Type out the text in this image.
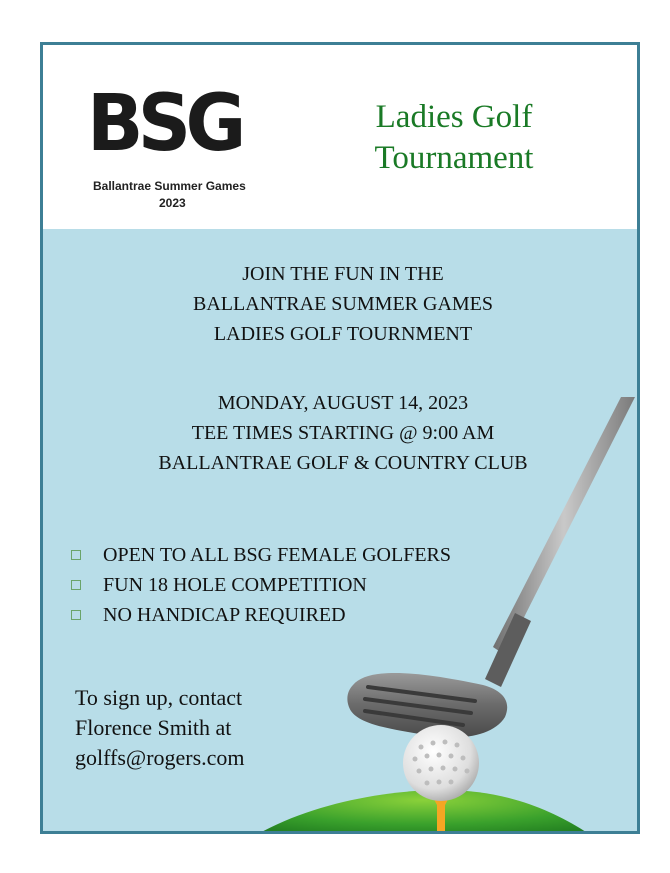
BSG
Ballantrae Summer Games
2023
Ladies Golf
Tournament
JOIN THE FUN IN THE
BALLANTRAE SUMMER GAMES
LADIES GOLF TOURNMENT
MONDAY, AUGUST 14, 2023
TEE TIMES STARTING @ 9:00 AM
BALLANTRAE GOLF & COUNTRY CLUB
OPEN TO ALL BSG FEMALE GOLFERS
FUN 18 HOLE COMPETITION
NO HANDICAP REQUIRED
To sign up, contact
Florence Smith at
golffs@rogers.com
